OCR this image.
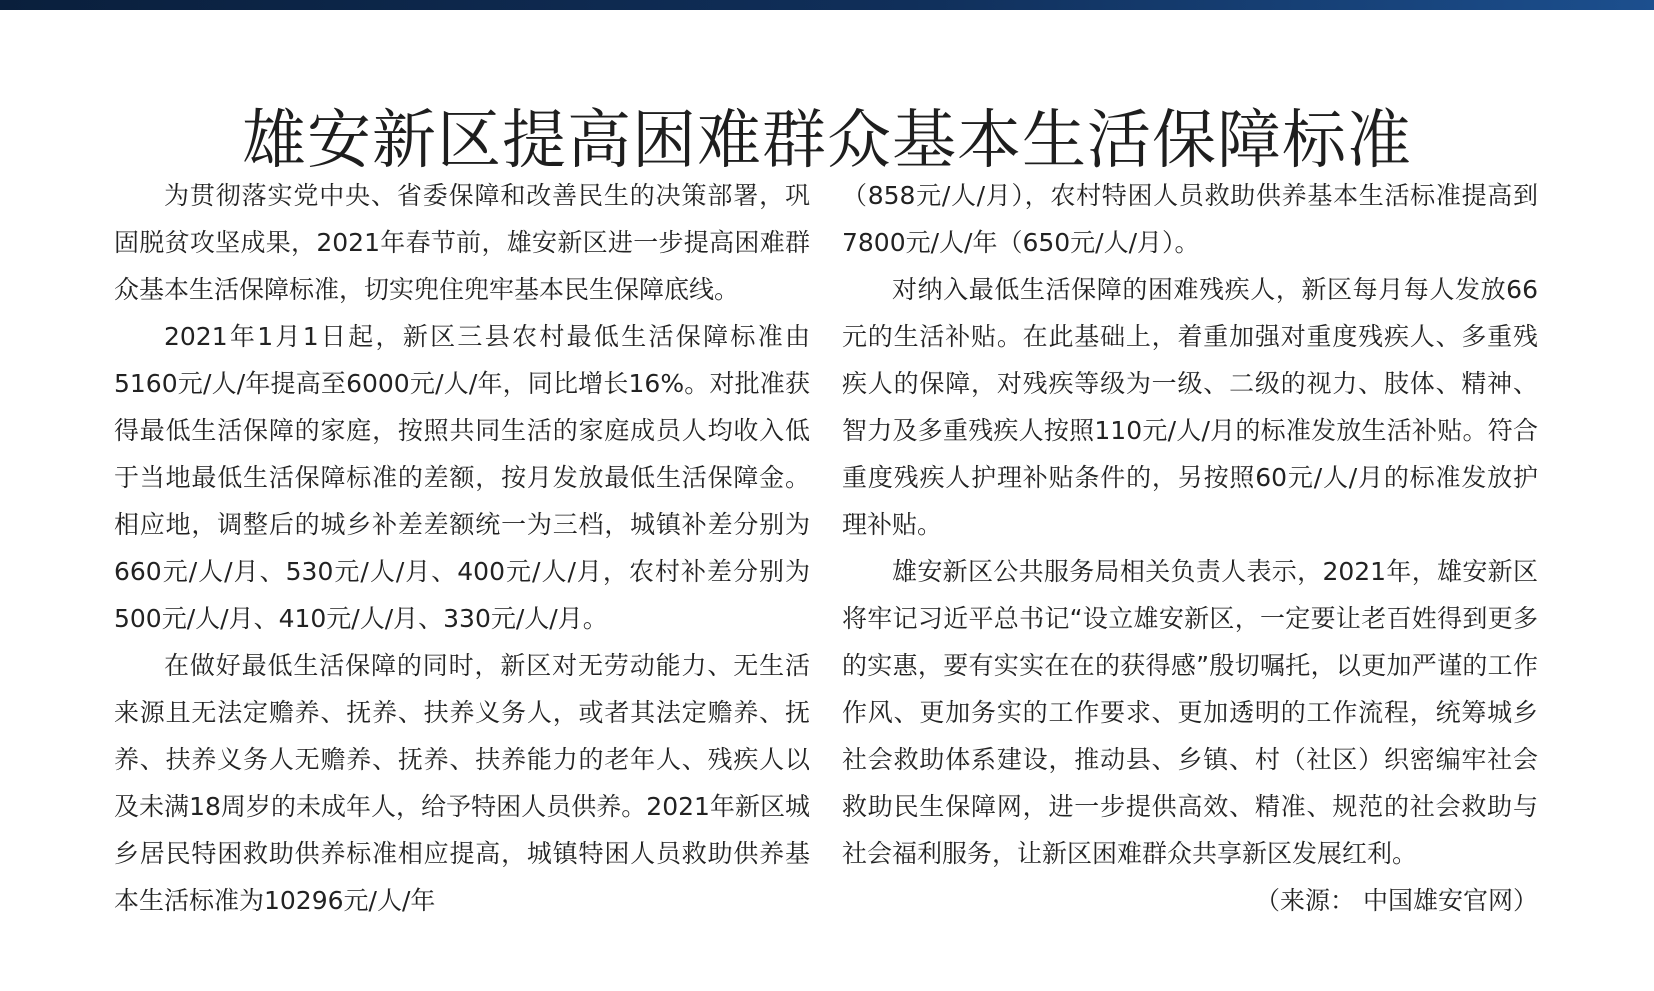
雄安新区提高困难群众基本生活保障标准

为贯彻落实党中央、省委保障和改善民生的决策部署，巩固脱贫攻坚成果，2021年春节前，雄安新区进一步提高困难群众基本生活保障标准，切实兜住兜牢基本民生保障底线。

2021年1月1日起，新区三县农村最低生活保障标准由5160元/人/年提高至6000元/人/年，同比增长16%。对批准获得最低生活保障的家庭，按照共同生活的家庭成员人均收入低于当地最低生活保障标准的差额，按月发放最低生活保障金。相应地，调整后的城乡补差差额统一为三档，城镇补差分别为660元/人/月、530元/人/月、400元/人/月，农村补差分别为500元/人/月、410元/人/月、330元/人/月。

在做好最低生活保障的同时，新区对无劳动能力、无生活来源且无法定赡养、抚养、扶养义务人，或者其法定赡养、抚养、扶养义务人无赡养、抚养、扶养能力的老年人、残疾人以及未满18周岁的未成年人，给予特困人员供养。2021年新区城乡居民特困救助供养标准相应提高，城镇特困人员救助供养基本生活标准为10296元/人/年

（858元/人/月），农村特困人员救助供养基本生活标准提高到7800元/人/年（650元/人/月）。

对纳入最低生活保障的困难残疾人，新区每月每人发放66元的生活补贴。在此基础上，着重加强对重度残疾人、多重残疾人的保障，对残疾等级为一级、二级的视力、肢体、精神、智力及多重残疾人按照110元/人/月的标准发放生活补贴。符合重度残疾人护理补贴条件的，另按照60元/人/月的标准发放护理补贴。

雄安新区公共服务局相关负责人表示，2021年，雄安新区将牢记习近平总书记“设立雄安新区，一定要让老百姓得到更多的实惠，要有实实在在的获得感”殷切嘱托，以更加严谨的工作作风、更加务实的工作要求、更加透明的工作流程，统筹城乡社会救助体系建设，推动县、乡镇、村（社区）织密编牢社会救助民生保障网，进一步提供高效、精准、规范的社会救助与社会福利服务，让新区困难群众共享新区发展红利。

（来源： 中国雄安官网）
